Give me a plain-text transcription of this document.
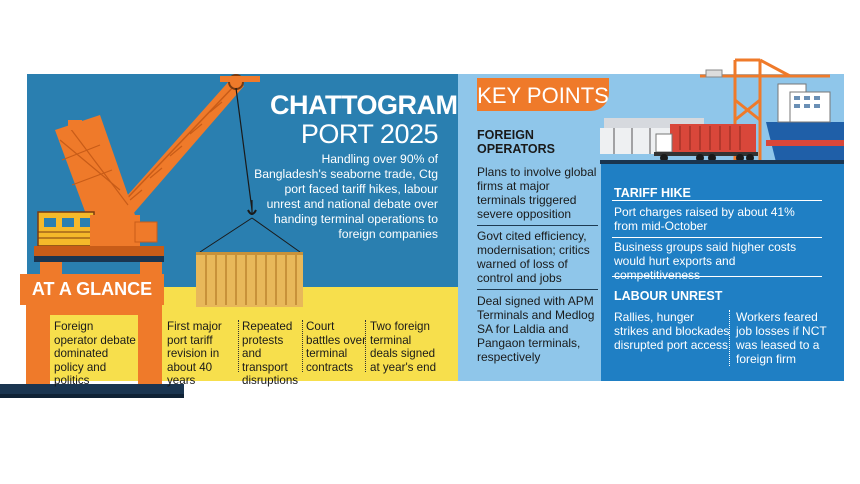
CHATTOGRAM
PORT 2025
Handling over 90% of Bangladesh's seaborne trade, Ctg port faced tariff hikes, labour unrest and national debate over handing terminal operations to foreign companies
AT A GLANCE
Foreign operator debate dominated policy and politics
First major port tariff revision in about 40 years
Repeated protests and transport disruptions
Court battles over terminal contracts
Two foreign terminal deals signed at year's end
KEY POINTS
FOREIGN OPERATORS
Plans to involve global firms at major terminals triggered severe opposition
Govt cited efficiency, modernisation; critics warned of loss of control and jobs
Deal signed with APM Terminals and Medlog SA for Laldia and Pangaon terminals, respectively
TARIFF HIKE
Port charges raised by about 41% from mid-October
Business groups said higher costs would hurt exports and competitiveness
LABOUR UNREST
Rallies, hunger strikes and blockades disrupted port access
Workers feared job losses if NCT was leased to a foreign firm
